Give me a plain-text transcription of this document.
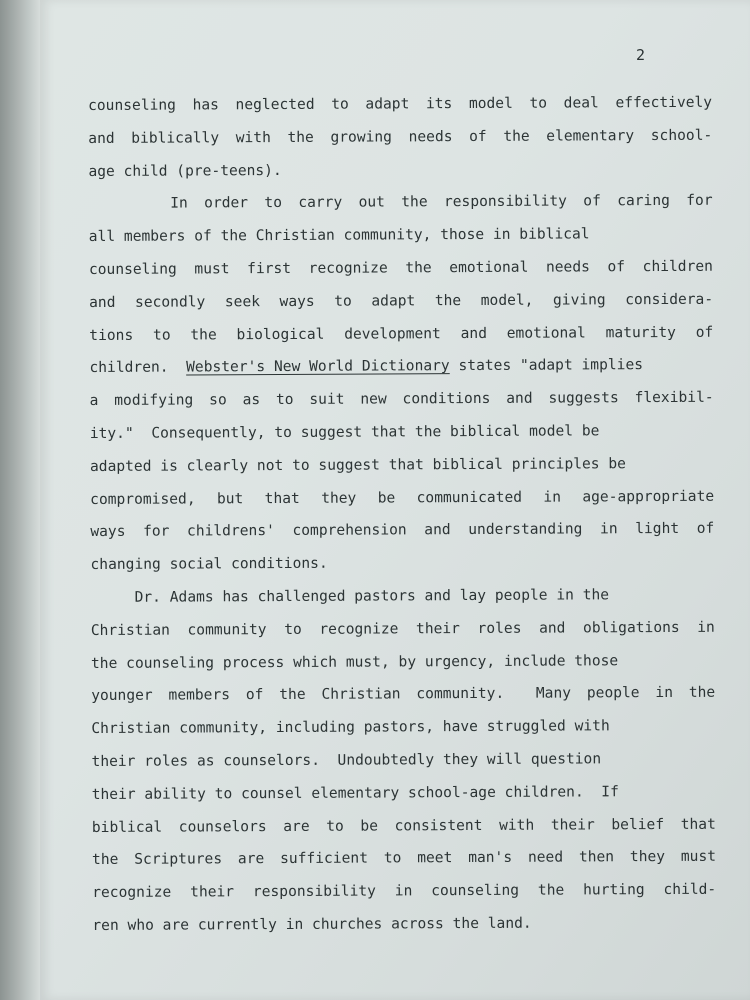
2
counseling has neglected to adapt its model to deal effectively
and biblically with the growing needs of the elementary school-
age child (pre-teens).
In order to carry out the responsibility of caring for
all members of the Christian community, those in biblical
counseling must first recognize the emotional needs of children
and secondly seek ways to adapt the model, giving considera-
tions to the biological development and emotional maturity of
children.  Webster's New World Dictionary states "adapt implies
a modifying so as to suit new conditions and suggests flexibil-
ity."  Consequently, to suggest that the biblical model be
adapted is clearly not to suggest that biblical principles be
compromised, but that they be communicated in age-appropriate
ways for childrens' comprehension and understanding in light of
changing social conditions.
Dr. Adams has challenged pastors and lay people in the
Christian community to recognize their roles and obligations in
the counseling process which must, by urgency, include those
younger members of the Christian community.  Many people in the
Christian community, including pastors, have struggled with
their roles as counselors.  Undoubtedly they will question
their ability to counsel elementary school-age children.  If
biblical counselors are to be consistent with their belief that
the Scriptures are sufficient to meet man's need then they must
recognize their responsibility in counseling the hurting child-
ren who are currently in churches across the land.
